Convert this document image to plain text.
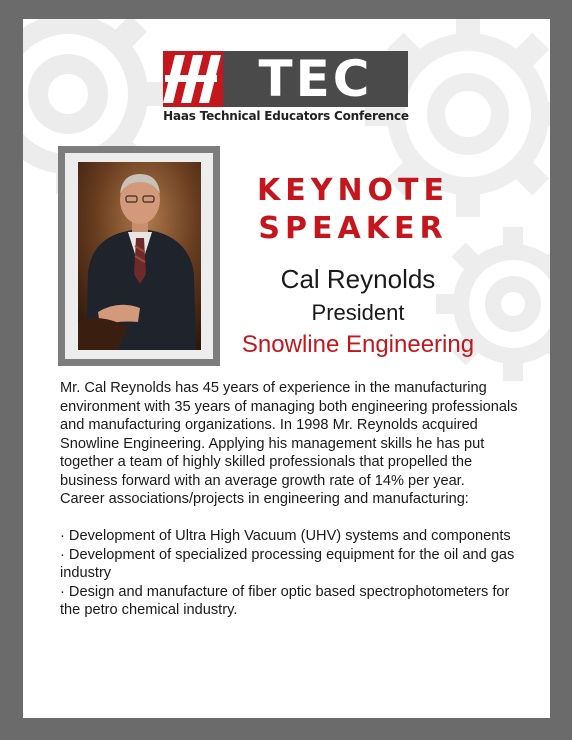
TEC
Haas Technical Educators Conference
KEYNOTE
SPEAKER
Cal Reynolds
President
Snowline Engineering

Mr. Cal Reynolds has 45 years of experience in the manufacturing environment with 35 years of managing both engineering professionals and manufacturing organizations. In 1998 Mr. Reynolds acquired Snowline Engineering. Applying his management skills he has put together a team of highly skilled professionals that propelled the business forward with an average growth rate of 14% per year.

Career associations/projects in engineering and manufacturing:

· Development of Ultra High Vacuum (UHV) systems and components

· Development of specialized processing equipment for the oil and gas industry

· Design and manufacture of fiber optic based spectrophotometers for the petro chemical industry.
